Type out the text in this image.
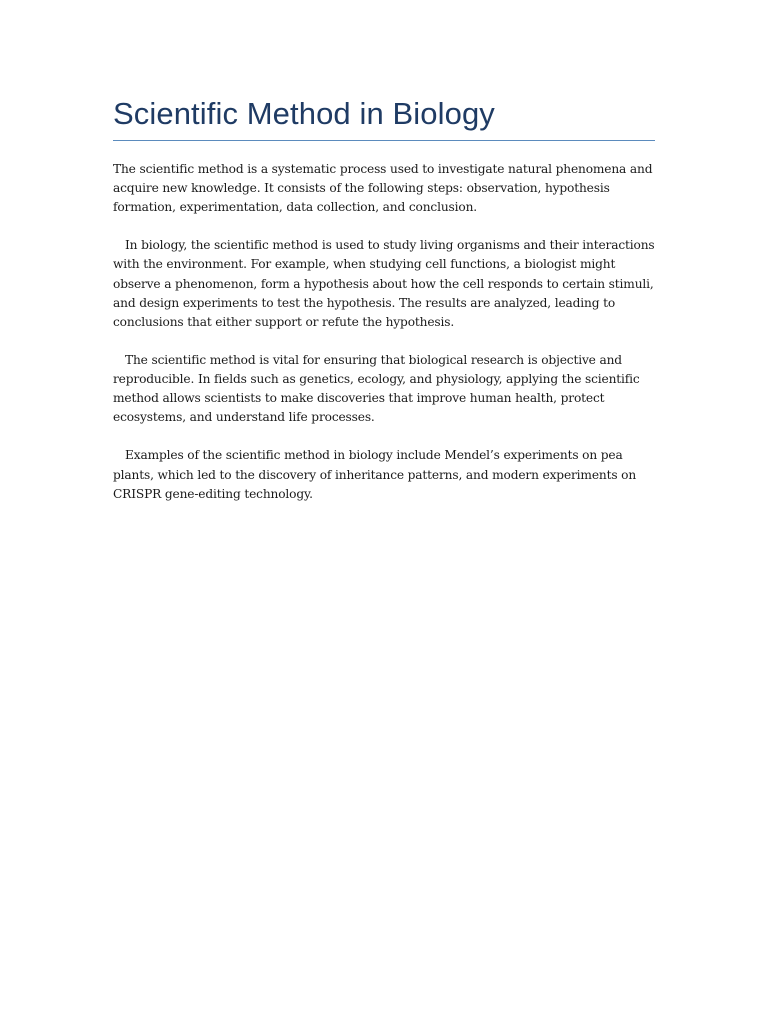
Scientific Method in Biology

The scientific method is a systematic process used to investigate natural phenomena and acquire new knowledge. It consists of the following steps: observation, hypothesis formation, experimentation, data collection, and conclusion.

In biology, the scientific method is used to study living organisms and their interactions with the environment. For example, when studying cell functions, a biologist might observe a phenomenon, form a hypothesis about how the cell responds to certain stimuli, and design experiments to test the hypothesis. The results are analyzed, leading to conclusions that either support or refute the hypothesis.

The scientific method is vital for ensuring that biological research is objective and reproducible. In fields such as genetics, ecology, and physiology, applying the scientific method allows scientists to make discoveries that improve human health, protect ecosystems, and understand life processes.

Examples of the scientific method in biology include Mendel’s experiments on pea plants, which led to the discovery of inheritance patterns, and modern experiments on CRISPR gene-editing technology.
